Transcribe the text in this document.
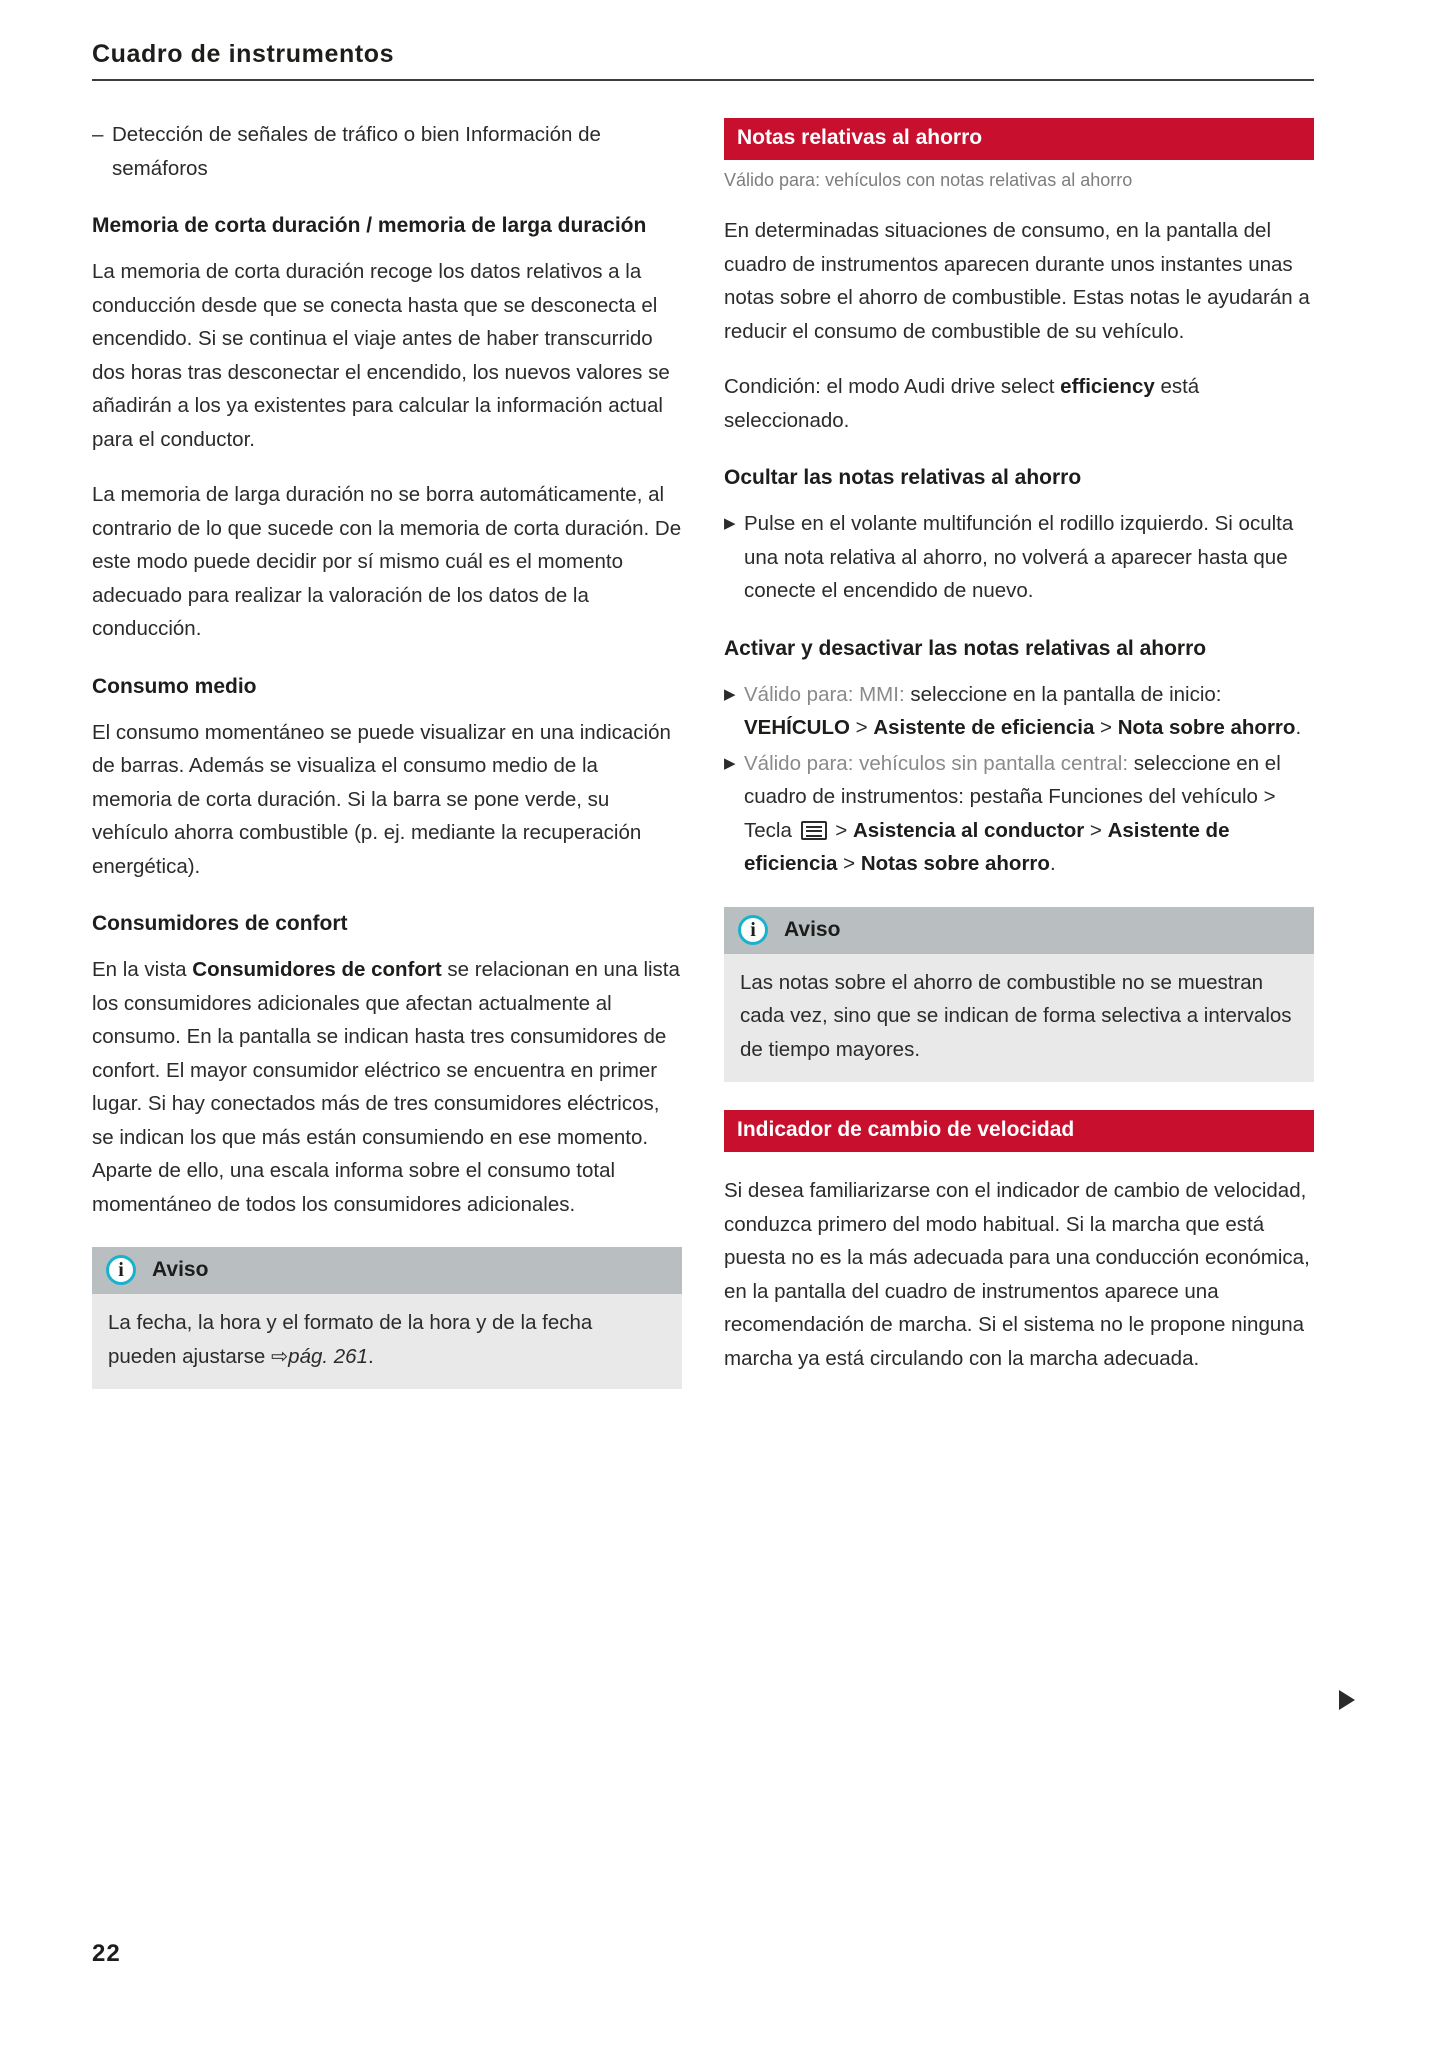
Cuadro de instrumentos
– Detección de señales de tráfico o bien Información de semáforos
Memoria de corta duración / memoria de larga duración

La memoria de corta duración recoge los datos relativos a la conducción desde que se conecta hasta que se desconecta el encendido. Si se continua el viaje antes de haber transcurrido dos horas tras desconectar el encendido, los nuevos valores se añadirán a los ya existentes para calcular la información actual para el conductor.

La memoria de larga duración no se borra automáticamente, al contrario de lo que sucede con la memoria de corta duración. De este modo puede decidir por sí mismo cuál es el momento adecuado para realizar la valoración de los datos de la conducción.

Consumo medio

El consumo momentáneo se puede visualizar en una indicación de barras. Además se visualiza el consumo medio de la memoria de corta duración. Si la barra se pone verde, su vehículo ahorra combustible (p. ej. mediante la recuperación energética).

Consumidores de confort

En la vista Consumidores de confort se relacionan en una lista los consumidores adicionales que afectan actualmente al consumo. En la pantalla se indican hasta tres consumidores de confort. El mayor consumidor eléctrico se encuentra en primer lugar. Si hay conectados más de tres consumidores eléctricos, se indican los que más están consumiendo en ese momento. Aparte de ello, una escala informa sobre el consumo total momentáneo de todos los consumidores adicionales.

i	Aviso

La fecha, la hora y el formato de la hora y de la fecha pueden ajustarse ⇨pág. 261.

Notas relativas al ahorro
Válido para: vehículos con notas relativas al ahorro

En determinadas situaciones de consumo, en la pantalla del cuadro de instrumentos aparecen durante unos instantes unas notas sobre el ahorro de combustible. Estas notas le ayudarán a reducir el consumo de combustible de su vehículo.

Condición: el modo Audi drive select efficiency está seleccionado.

Ocultar las notas relativas al ahorro
▶ Pulse en el volante multifunción el rodillo izquierdo. Si oculta una nota relativa al ahorro, no volverá a aparecer hasta que conecte el encendido de nuevo.
Activar y desactivar las notas relativas al ahorro
▶ Válido para: MMI: seleccione en la pantalla de inicio: VEHÍCULO > Asistente de eficiencia > Nota sobre ahorro.
▶ Válido para: vehículos sin pantalla central: seleccione en el cuadro de instrumentos: pestaña Funciones del vehículo > Tecla
> Asistencia al conductor > Asistente de eficiencia > Notas sobre ahorro.
i	Aviso

Las notas sobre el ahorro de combustible no se muestran cada vez, sino que se indican de forma selectiva a intervalos de tiempo mayores.

Indicador de cambio de velocidad

Si desea familiarizarse con el indicador de cambio de velocidad, conduzca primero del modo habitual. Si la marcha que está puesta no es la más adecuada para una conducción económica, en la pantalla del cuadro de instrumentos aparece una recomendación de marcha. Si el sistema no le propone ninguna marcha ya está circulando con la marcha adecuada.

22
